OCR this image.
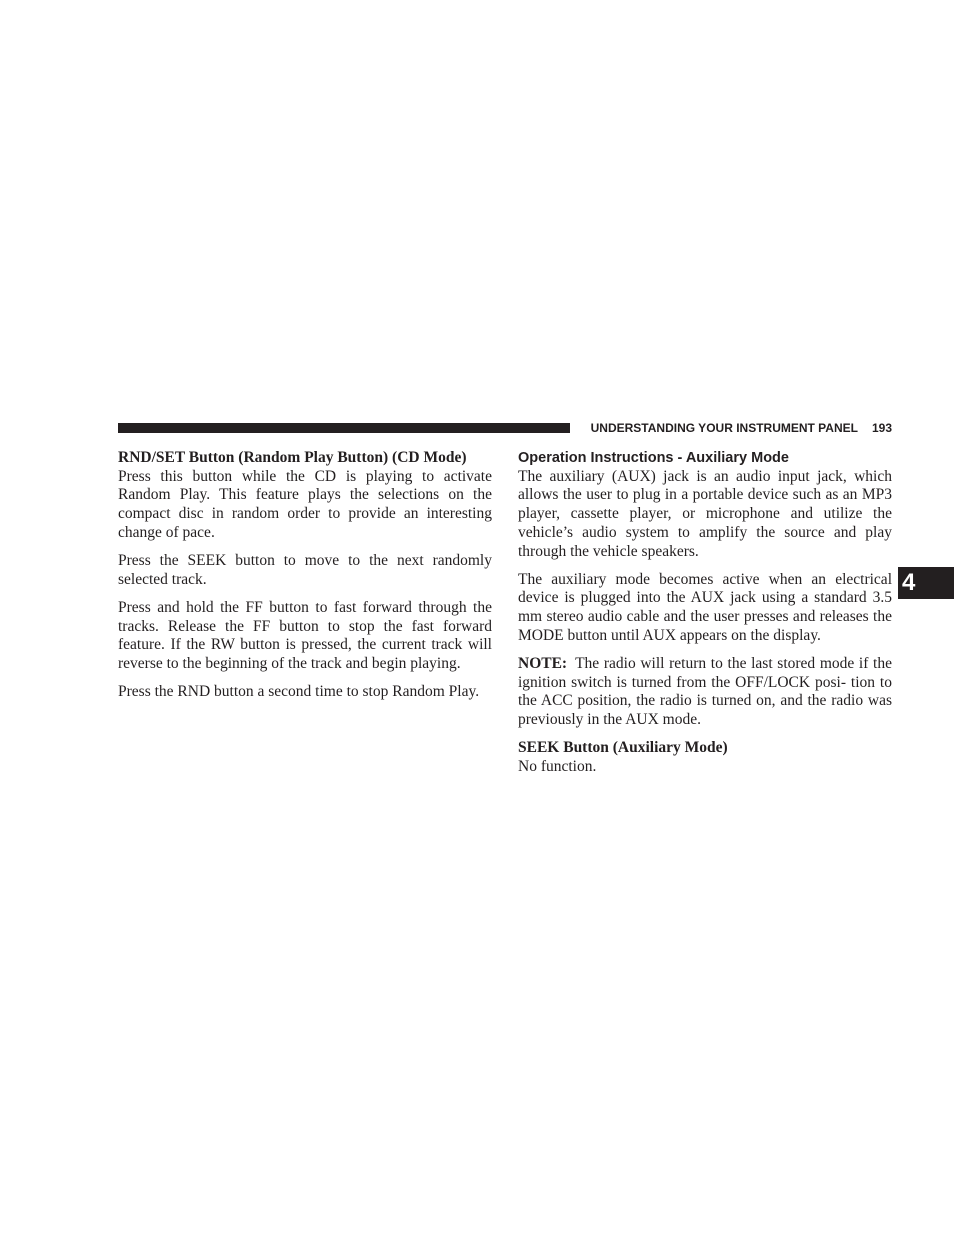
UNDERSTANDING YOUR INSTRUMENT PANEL 193
4
RND/SET Button (Random Play Button) (CD Mode)

Press this button while the CD is playing to activate Random Play. This feature plays the selections on the compact disc in random order to provide an interesting change of pace.

Press the SEEK button to move to the next randomly selected track.

Press and hold the FF button to fast forward through the tracks. Release the FF button to stop the fast forward feature. If the RW button is pressed, the current track will reverse to the beginning of the track and begin playing.

Press the RND button a second time to stop Random Play.

Operation Instructions - Auxiliary Mode

The auxiliary (AUX) jack is an audio input jack, which allows the user to plug in a portable device such as an MP3 player, cassette player, or microphone and utilize the vehicle’s audio system to amplify the source and play through the vehicle speakers.

The auxiliary mode becomes active when an electrical device is plugged into the AUX jack using a standard 3.5 mm stereo audio cable and the user presses and releases the MODE button until AUX appears on the display.

NOTE: The radio will return to the last stored mode if the ignition switch is turned from the OFF/LOCK posi- tion to the ACC position, the radio is turned on, and the radio was previously in the AUX mode.

SEEK Button (Auxiliary Mode)

No function.
